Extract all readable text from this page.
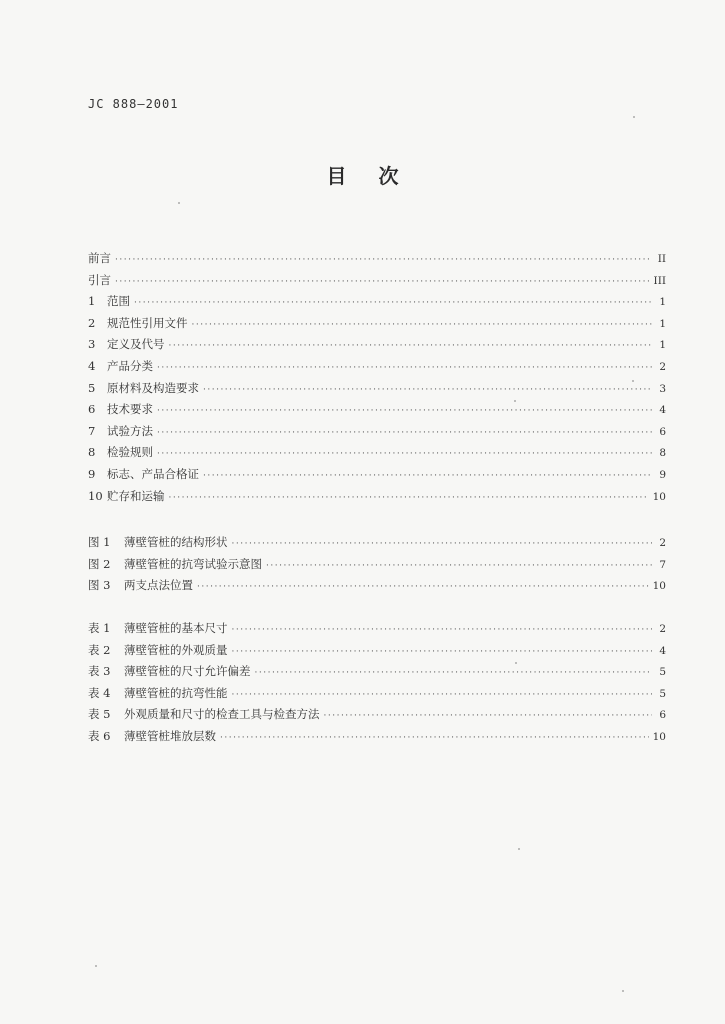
JC 888—2001
目 次
前言 ·····	II
引言 ·····	III
1	范围 ·····	1
2	规范性引用文件 ·····	1
3	定义及代号 ·····	1
4	产品分类 ·····	2
5	原材料及构造要求 ·····	3
6	技术要求 ·····	4
7	试验方法 ·····	6
8	检验规则 ·····	8
9	标志、产品合格证 ·····	9
10 贮存和运输 ·····	10
图 1	薄壁管桩的结构形状 ·····	2
图 2	薄壁管桩的抗弯试验示意图 ·····	7
图 3	两支点法位置 ·····	10
表 1	薄壁管桩的基本尺寸 ·····	2
表 2	薄壁管桩的外观质量 ·····	4
表 3	薄壁管桩的尺寸允许偏差 ·····	5
表 4	薄壁管桩的抗弯性能 ·····	5
表 5	外观质量和尺寸的检查工具与检查方法 ·····	6
表 6	薄壁管桩堆放层数 ·····	10
